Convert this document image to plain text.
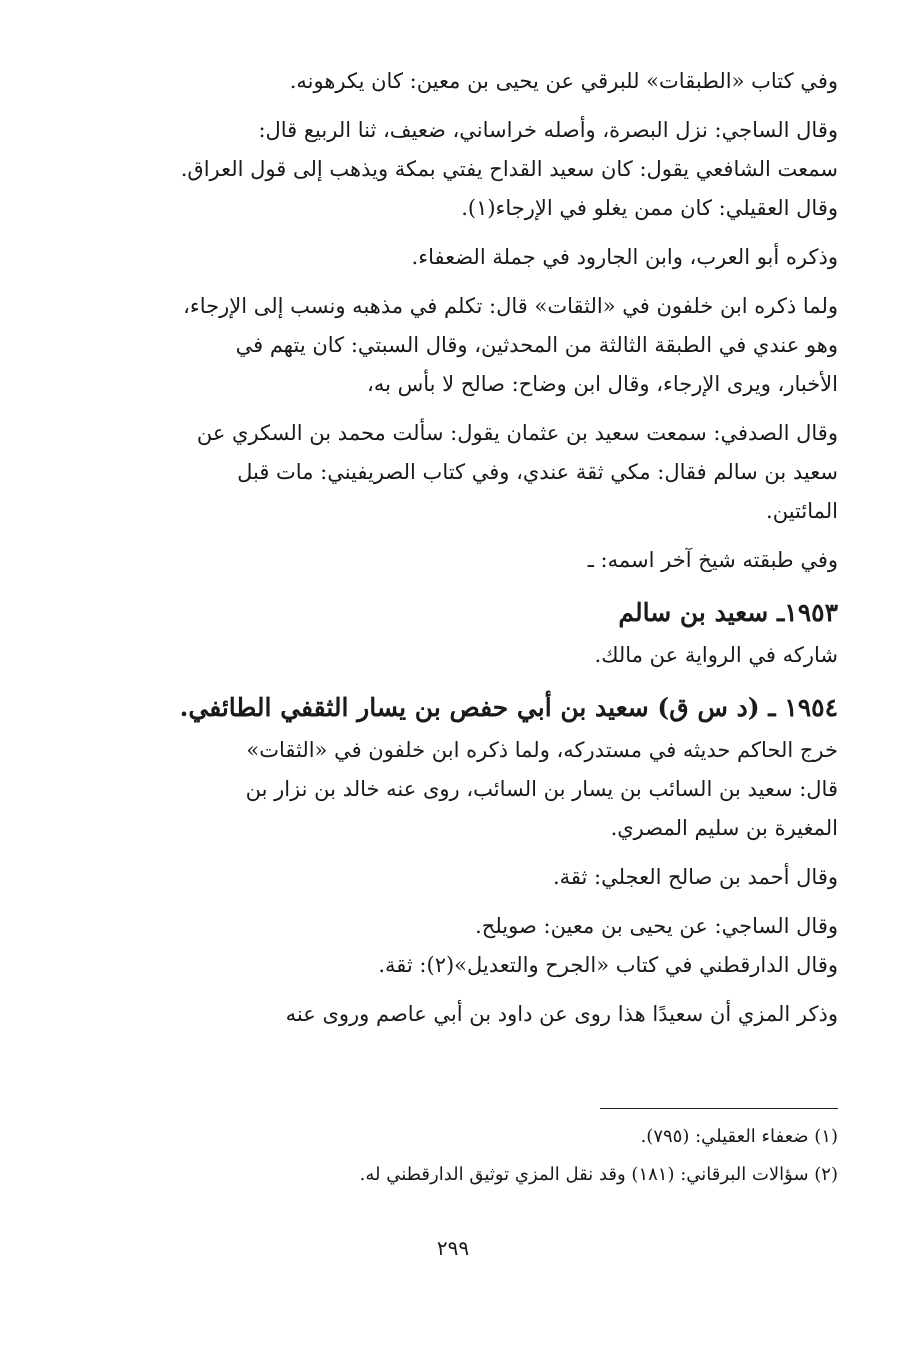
وفي كتاب «الطبقات» للبرقي عن يحيى بن معين: كان يكرهونه.
وقال الساجي: نزل البصرة، وأصله خراساني، ضعيف، ثنا الربيع قال:
سمعت الشافعي يقول: كان سعيد القداح يفتي بمكة ويذهب إلى قول العراق.
وقال العقيلي: كان ممن يغلو في الإرجاء(١).
وذكره أبو العرب، وابن الجارود في جملة الضعفاء.
ولما ذكره ابن خلفون في «الثقات» قال: تكلم في مذهبه ونسب إلى الإرجاء،
وهو عندي في الطبقة الثالثة من المحدثين، وقال السبتي: كان يتهم في
الأخبار، ويرى الإرجاء، وقال ابن وضاح: صالح لا بأس به،
وقال الصدفي: سمعت سعيد بن عثمان يقول: سألت محمد بن السكري عن
سعيد بن سالم فقال: مكي ثقة عندي، وفي كتاب الصريفيني: مات قبل
المائتين.
وفي طبقته شيخ آخر اسمه: ـ
١٩٥٣ـ سعيد بن سالم
شاركه في الرواية عن مالك.
١٩٥٤ ـ (د س ق) سعيد بن أبي حفص بن يسار الثقفي الطائفي.
خرج الحاكم حديثه في مستدركه، ولما ذكره ابن خلفون في «الثقات»
قال: سعيد بن السائب بن يسار بن السائب، روى عنه خالد بن نزار بن
المغيرة بن سليم المصري.
وقال أحمد بن صالح العجلي: ثقة.
وقال الساجي: عن يحيى بن معين: صويلح.
وقال الدارقطني في كتاب «الجرح والتعديل»(٢): ثقة.
وذكر المزي أن سعيدًا هذا روى عن داود بن أبي عاصم وروى عنه
(١) ضعفاء العقيلي: (٧٩٥).
(٢) سؤالات البرقاني: (١٨١) وقد نقل المزي توثيق الدارقطني له.
٢٩٩
